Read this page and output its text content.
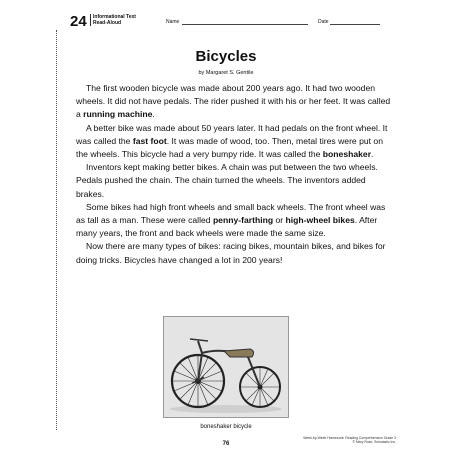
24 Informational Text
Read-Aloud	Name	Date
Bicycles
by Margaret S. Gentile

The first wooden bicycle was made about 200 years ago. It had two wooden wheels. It did not have pedals. The rider pushed it with his or her feet. It was called a running machine.

A better bike was made about 50 years later. It had pedals on the front wheel. It was called the fast foot. It was made of wood, too. Then, metal tires were put on the wheels. This bicycle had a very bumpy ride. It was called the boneshaker.

Inventors kept making better bikes. A chain was put between the two wheels. Pedals pushed the chain. The chain turned the wheels. The inventors added brakes.

Some bikes had high front wheels and small back wheels. The front wheel was as tall as a man. These were called penny-farthing or high-wheel bikes. After many years, the front and back wheels were made the same size.

Now there are many types of bikes: racing bikes, mountain bikes, and bikes for doing tricks. Bicycles have changed a lot in 200 years!

boneshaker bicycle
76
Week-by-Week Homework: Reading Comprehension Grade 3
© Mary Rose, Scholastic Inc.
